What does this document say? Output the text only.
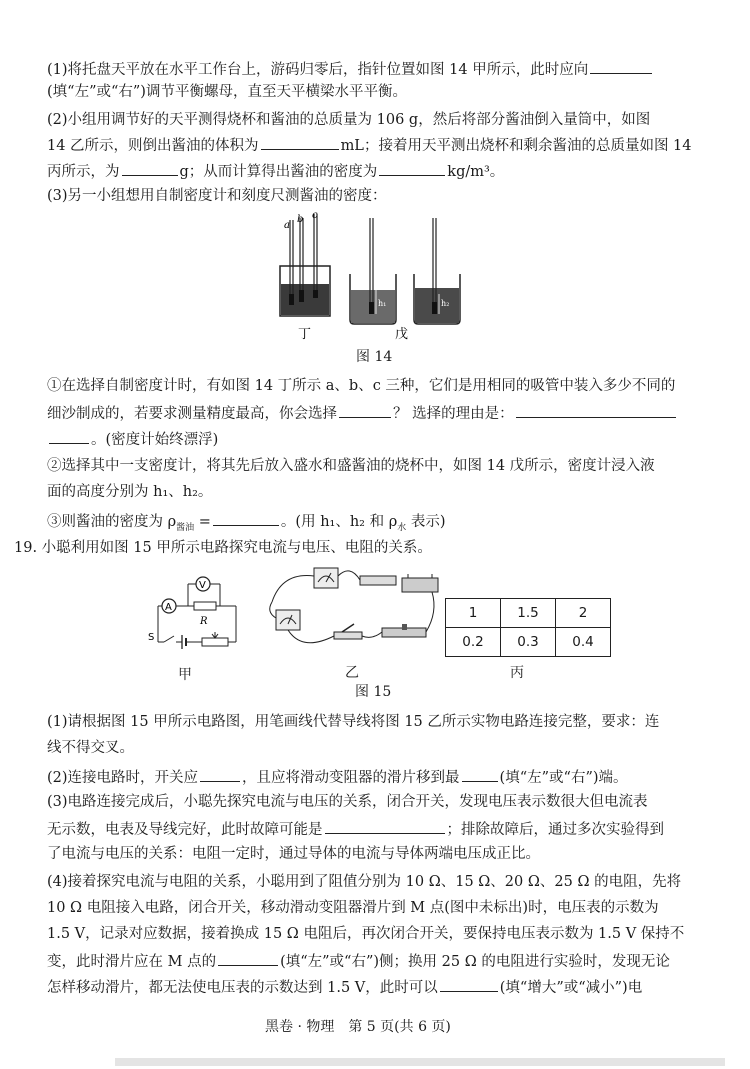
(1)将托盘天平放在水平工作台上，游码归零后，指针位置如图 14 甲所示，此时应向
(填“左”或“右”)调节平衡螺母，直至天平横梁水平平衡。
(2)小组用调节好的天平测得烧杯和酱油的总质量为 106 g，然后将部分酱油倒入量筒中，如图
14 乙所示，则倒出酱油的体积为	mL；接着用天平测出烧杯和剩余酱油的总质量如图 14
丙所示，为	g；从而计算得出酱油的密度为	kg/m³。
(3)另一小组想用自制密度计和刻度尺测酱油的密度：
a
b c
h₁	h₂
丁	戊
图 14
①在选择自制密度计时，有如图 14 丁所示 a、b、c 三种，它们是用相同的吸管中装入多少不同的
细沙制成的，若要求测量精度最高，你会选择	？ 选择的理由是：
。(密度计始终漂浮)
②选择其中一支密度计，将其先后放入盛水和盛酱油的烧杯中，如图 14 戊所示，密度计浸入液
面的高度分别为 h₁、h₂。
③则酱油的密度为 $\rho_{酱油}$ =	。(用 h₁、h₂ 和 $\rho_水$ 表示)
19. 小聪利用如图 15 甲所示电路探究电流与电压、电阻的关系。
V
A
R
S
甲	乙
1	1.5	2
0.2	0.3	0.4
丙
图 15
(1)请根据图 15 甲所示电路图，用笔画线代替导线将图 15 乙所示实物电路连接完整，要求：连
线不得交叉。
(2)连接电路时，开关应	，且应将滑动变阻器的滑片移到最	(填“左”或“右”)端。
(3)电路连接完成后，小聪先探究电流与电压的关系，闭合开关，发现电压表示数很大但电流表
无示数，电表及导线完好，此时故障可能是	；排除故障后，通过多次实验得到
了电流与电压的关系：电阻一定时，通过导体的电流与导体两端电压成正比。
(4)接着探究电流与电阻的关系，小聪用到了阻值分别为 10 Ω、15 Ω、20 Ω、25 Ω 的电阻，先将
10 Ω 电阻接入电路，闭合开关，移动滑动变阻器滑片到 M 点(图中未标出)时，电压表的示数为
1.5 V，记录对应数据，接着换成 15 Ω 电阻后，再次闭合开关，要保持电压表示数为 1.5 V 保持不
变，此时滑片应在 M 点的	(填“左”或“右”)侧；换用 25 Ω 的电阻进行实验时，发现无论
怎样移动滑片，都无法使电压表的示数达到 1.5 V，此时可以	(填“增大”或“减小”)电
黑卷 · 物理　第 5 页(共 6 页)
